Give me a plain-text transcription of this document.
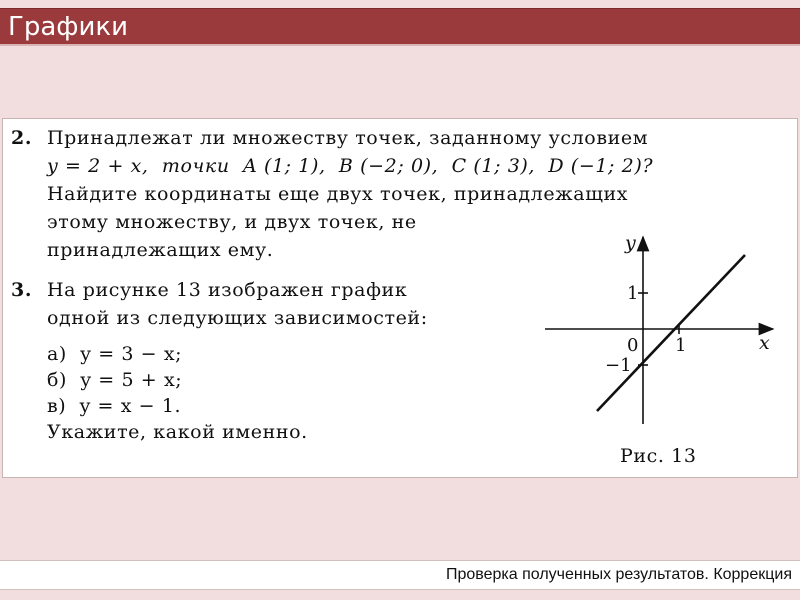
Графики
2. Принадлежат ли множеству точек, заданному условием
y = 2 + x,  точки  A (1; 1),  B (−2; 0),  C (1; 3),  D (−1; 2)?
Найдите координаты еще двух точек, принадлежащих
этому множеству, и двух точек, не
принадлежащих ему.
3. На рисунке 13 изображен график
одной из следующих зависимостей:
а)  y = 3 − x;
б)  y = 5 + x;
в)  y = x − 1.
Укажите, какой именно.
y
x
0 1
1
−1
Рис. 13
Проверка полученных результатов. Коррекция
